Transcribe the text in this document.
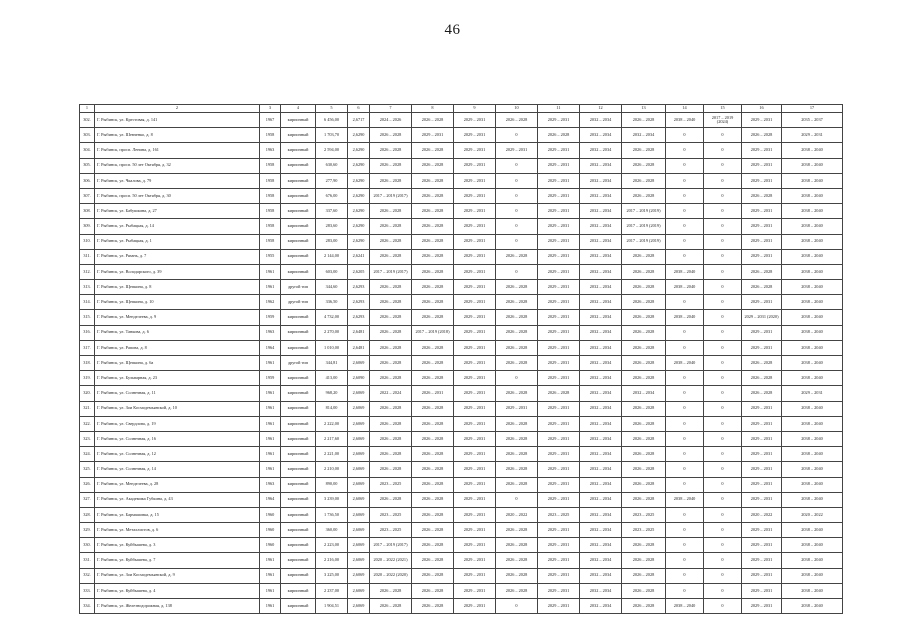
46
1	2	3	4	5	6	7	8	9	10	11	12	13	14	15	16	17
302.	Г. Рыбинск, ул. Крестовая, д. 141	1967	кирпичный	6 456,00	2,6717	2024 – 2026	2026 – 2028	2029 – 2031	2026 – 2028	2029 – 2031	2032 – 2034	2026 – 2028	2038 – 2040	2017 – 2019 (2024)	2029 – 2031	2035 – 2037
303.	Г. Рыбинск, ул. Шевченко, д. 8	1958	кирпичный	1 703,70	2,6290	2026 – 2028	2029 – 2031	2029 – 2031	0	2026 – 2028	2032 – 2034	2032 – 2034	0	0	2026 – 2028	2029 – 2031
304.	Г. Рыбинск, просп. Ленина, д. 161	1963	кирпичный	2 594,00	2,6290	2026 – 2028	2026 – 2028	2029 – 2031	2029 – 2031	2029 – 2031	2032 – 2034	2026 – 2028	0	0	2029 – 2031	2038 – 2040
305.	Г. Рыбинск, просп. 50 лет Октября, д. 32	1958	кирпичный	630,60	2,6290	2026 – 2028	2026 – 2028	2029 – 2031	0	2029 – 2031	2032 – 2034	2026 – 2028	0	0	2029 – 2031	2038 – 2040
306.	Г. Рыбинск, ул. Чкалова, д. 79	1958	кирпичный	277,90	2,6290	2026 – 2028	2026 – 2028	2029 – 2031	0	2029 – 2031	2032 – 2034	2026 – 2028	0	0	2029 – 2031	2038 – 2040
307.	Г. Рыбинск, просп. 50 лет Октября, д. 30	1958	кирпичный	676,00	2,6290	2017 – 2019 (2017)	2026 – 2028	2029 – 2031	0	2029 – 2031	2032 – 2034	2026 – 2028	0	0	2026 – 2028	2038 – 2040
308.	Г. Рыбинск, ул. Бабушкина, д. 27	1958	кирпичный	337,60	2,6290	2026 – 2028	2026 – 2028	2029 – 2031	0	2029 – 2031	2032 – 2034	2017 – 2019 (2019)	0	0	2029 – 2031	2038 – 2040
309.	Г. Рыбинск, ул. Рыбацкая, д. 14	1958	кирпичный	283,60	2,6290	2026 – 2028	2026 – 2028	2029 – 2031	0	2029 – 2031	2032 – 2034	2017 – 2019 (2019)	0	0	2029 – 2031	2038 – 2040
310.	Г. Рыбинск, ул. Рыбацкая, д. 1	1958	кирпичный	283,00	2,6290	2026 – 2028	2026 – 2028	2029 – 2031	0	2029 – 2031	2032 – 2034	2017 – 2019 (2019)	0	0	2029 – 2031	2038 – 2040
311.	Г. Рыбинск, ул. Рязань, д. 7	1955	кирпичный	2 144,00	2,6241	2026 – 2028	2026 – 2028	2029 – 2031	2026 – 2028	2029 – 2031	2032 – 2034	2026 – 2028	0	0	2029 – 2031	2038 – 2040
312.	Г. Рыбинск, ул. Володарского, д. 39	1961	кирпичный	603,00	2,6205	2017 – 2019 (2017)	2026 – 2028	2029 – 2031	0	2029 – 2031	2032 – 2034	2026 – 2028	2038 – 2040	0	2026 – 2028	2038 – 2040
313.	Г. Рыбинск, ул. Щепкина, д. 8	1961	другой тип	344,60	2,6293	2026 – 2028	2026 – 2028	2029 – 2031	2026 – 2028	2029 – 2031	2032 – 2034	2026 – 2028	2038 – 2040	0	2026 – 2028	2038 – 2040
314.	Г. Рыбинск, ул. Щепкина, д. 10	1962	другой тип	336,50	2,6293	2026 – 2028	2026 – 2028	2029 – 2031	2026 – 2028	2029 – 2031	2032 – 2034	2026 – 2028	0	0	2029 – 2031	2038 – 2040
315.	Г. Рыбинск, ул. Менделеева, д. 9	1959	кирпичный	4 732,00	2,6293	2026 – 2028	2026 – 2028	2029 – 2031	2026 – 2028	2029 – 2031	2032 – 2034	2026 – 2028	2038 – 2040	0	2029 – 2031 (2020)	2038 – 2040
316.	Г. Рыбинск, ул. Танкова, д. 6	1963	кирпичный	2 270,00	2,6481	2026 – 2028	2017 – 2019 (2018)	2029 – 2031	2026 – 2028	2029 – 2031	2032 – 2034	2026 – 2028	0	0	2029 – 2031	2038 – 2040
317.	Г. Рыбинск, ул. Рапова, д. 8	1964	кирпичный	1 010,00	2,6481	2026 – 2028	2026 – 2028	2029 – 2031	2026 – 2028	2029 – 2031	2032 – 2034	2026 – 2028	0	0	2029 – 2031	2038 – 2040
318.	Г. Рыбинск, ул. Щепкина, д. 6а	1961	другой тип	344,81	2,6069	2026 – 2028	2026 – 2028	2029 – 2031	2026 – 2028	2029 – 2031	2032 – 2034	2026 – 2028	2038 – 2040	0	2026 – 2028	2038 – 2040
319.	Г. Рыбинск, ул. Бульварная, д. 23	1959	кирпичный	413,00	2,6090	2026 – 2028	2026 – 2028	2029 – 2031	0	2029 – 2031	2032 – 2034	2026 – 2028	0	0	2026 – 2028	2038 – 2040
320.	Г. Рыбинск, ул. Солнечная, д. 11	1961	кирпичный	968,20	2,6069	2022 – 2024	2026 – 2031	2029 – 2031	2026 – 2028	2026 – 2028	2032 – 2034	2032 – 2034	0	0	2026 – 2028	2029 – 2031
321.	Г. Рыбинск, ул. Зои Космодемьянской, д. 10	1961	кирпичный	814,00	2,6069	2026 – 2028	2026 – 2028	2029 – 2031	2029 – 2031	2029 – 2031	2032 – 2034	2026 – 2028	0	0	2029 – 2031	2038 – 2040
322.	Г. Рыбинск, ул. Свердлова, д. 19	1961	кирпичный	2 222,00	2,6069	2026 – 2028	2026 – 2028	2029 – 2031	2026 – 2028	2029 – 2031	2032 – 2034	2026 – 2028	0	0	2029 – 2031	2038 – 2040
323.	Г. Рыбинск, ул. Солнечная, д. 16	1961	кирпичный	2 217,60	2,6069	2026 – 2028	2026 – 2028	2029 – 2031	2026 – 2028	2029 – 2031	2032 – 2034	2026 – 2028	0	0	2029 – 2031	2038 – 2040
324.	Г. Рыбинск, ул. Солнечная, д. 12	1961	кирпичный	2 221,00	2,6069	2026 – 2028	2026 – 2028	2029 – 2031	2026 – 2028	2029 – 2031	2032 – 2034	2026 – 2028	0	0	2029 – 2031	2038 – 2040
325.	Г. Рыбинск, ул. Солнечная, д. 14	1961	кирпичный	2 210,00	2,6069	2026 – 2028	2026 – 2028	2029 – 2031	2026 – 2028	2029 – 2031	2032 – 2034	2026 – 2028	0	0	2029 – 2031	2038 – 2040
326.	Г. Рыбинск, ул. Менделеева, д. 28	1963	кирпичный	890,00	2,6069	2023 – 2025	2026 – 2028	2029 – 2031	2026 – 2028	2029 – 2031	2032 – 2034	2026 – 2028	0	0	2029 – 2031	2038 – 2040
327.	Г. Рыбинск, ул. Академика Губкина, д. 43	1964	кирпичный	3 239,00	2,6069	2026 – 2028	2026 – 2028	2029 – 2031	0	2029 – 2031	2032 – 2034	2026 – 2028	2038 – 2040	0	2029 – 2031	2038 – 2040
328.	Г. Рыбинск, ул. Бармашовка, д. 15	1960	кирпичный	1 736,50	2,6069	2023 – 2025	2026 – 2028	2029 – 2031	2020 – 2022	2023 – 2025	2032 – 2034	2023 – 2025	0	0	2020 – 2022	2020 – 2022
329.	Г. Рыбинск, ул. Металлистов, д. 6	1960	кирпичный	360,00	2,6069	2023 – 2025	2026 – 2028	2029 – 2031	2026 – 2028	2029 – 2031	2032 – 2034	2023 – 2025	0	0	2029 – 2031	2038 – 2040
330.	Г. Рыбинск, ул. Куйбышева, д. 3	1960	кирпичный	2 223,00	2,6069	2017 – 2019 (2017)	2026 – 2028	2029 – 2031	2026 – 2028	2029 – 2031	2032 – 2034	2026 – 2028	0	0	2029 – 2031	2038 – 2040
331.	Г. Рыбинск, ул. Куйбышева, д. 7	1961	кирпичный	2 216,00	2,6069	2020 – 2022 (2021)	2026 – 2028	2029 – 2031	2026 – 2028	2029 – 2031	2032 – 2034	2026 – 2028	0	0	2029 – 2031	2038 – 2040
332.	Г. Рыбинск, ул. Зои Космодемьянской, д. 9	1961	кирпичный	3 225,00	2,6069	2020 – 2022 (2020)	2026 – 2028	2029 – 2031	2026 – 2028	2029 – 2031	2032 – 2034	2026 – 2028	0	0	2029 – 2031	2038 – 2040
333.	Г. Рыбинск, ул. Куйбышева, д. 4	1961	кирпичный	2 237,00	2,6069	2026 – 2028	2026 – 2028	2029 – 2031	2026 – 2028	2029 – 2031	2032 – 2034	2026 – 2028	0	0	2029 – 2031	2038 – 2040
334.	Г. Рыбинск, ул. Железнодорожная, д. 138	1961	кирпичный	1 904,51	2,6069	2026 – 2028	2026 – 2028	2029 – 2031	0	2029 – 2031	2032 – 2034	2026 – 2028	2038 – 2040	0	2029 – 2031	2038 – 2040
